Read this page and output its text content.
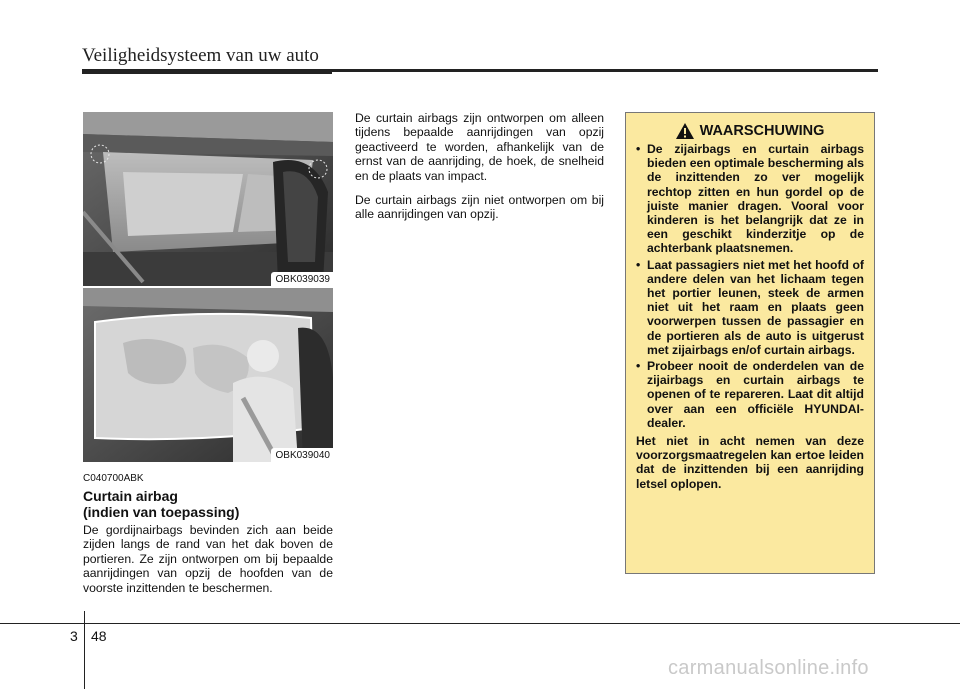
Veiligheidsysteem van uw auto
OBK039039
OBK039040
C040700ABK
Curtain airbag
(indien van toepassing)
De gordijnairbags bevinden zich aan beide zijden langs de rand van het dak boven de portieren. Ze zijn ontworpen om bij bepaalde aanrijdingen van opzij de hoofden van de voorste inzittenden te beschermen.

De curtain airbags zijn ontworpen om alleen tijdens bepaalde aanrijdingen van opzij geactiveerd te worden, afhankelijk van de ernst van de aanrijding, de hoek, de snelheid en de plaats van impact.

De curtain airbags zijn niet ontworpen om bij alle aanrijdingen van opzij.

WAARSCHUWING
• De zijairbags en curtain airbags bieden een optimale bescherming als de inzittenden zo ver mogelijk rechtop zitten en hun gordel op de juiste manier dragen. Vooral voor kinderen is het belangrijk dat ze in een geschikt kinderzitje op de achterbank plaatsnemen.
• Laat passagiers niet met het hoofd of andere delen van het lichaam tegen het portier leunen, steek de armen niet uit het raam en plaats geen voorwerpen tussen de passagier en de portieren als de auto is uitgerust met zijairbags en/of curtain airbags.
• Probeer nooit de onderdelen van de zijairbags en curtain airbags te openen of te repareren. Laat dit altijd over aan een officiële HYUNDAI-dealer.
Het niet in acht nemen van deze voorzorgsmaatregelen kan ertoe leiden dat de inzittenden bij een aanrijding letsel oplopen.
3 48
carmanualsonline.info
